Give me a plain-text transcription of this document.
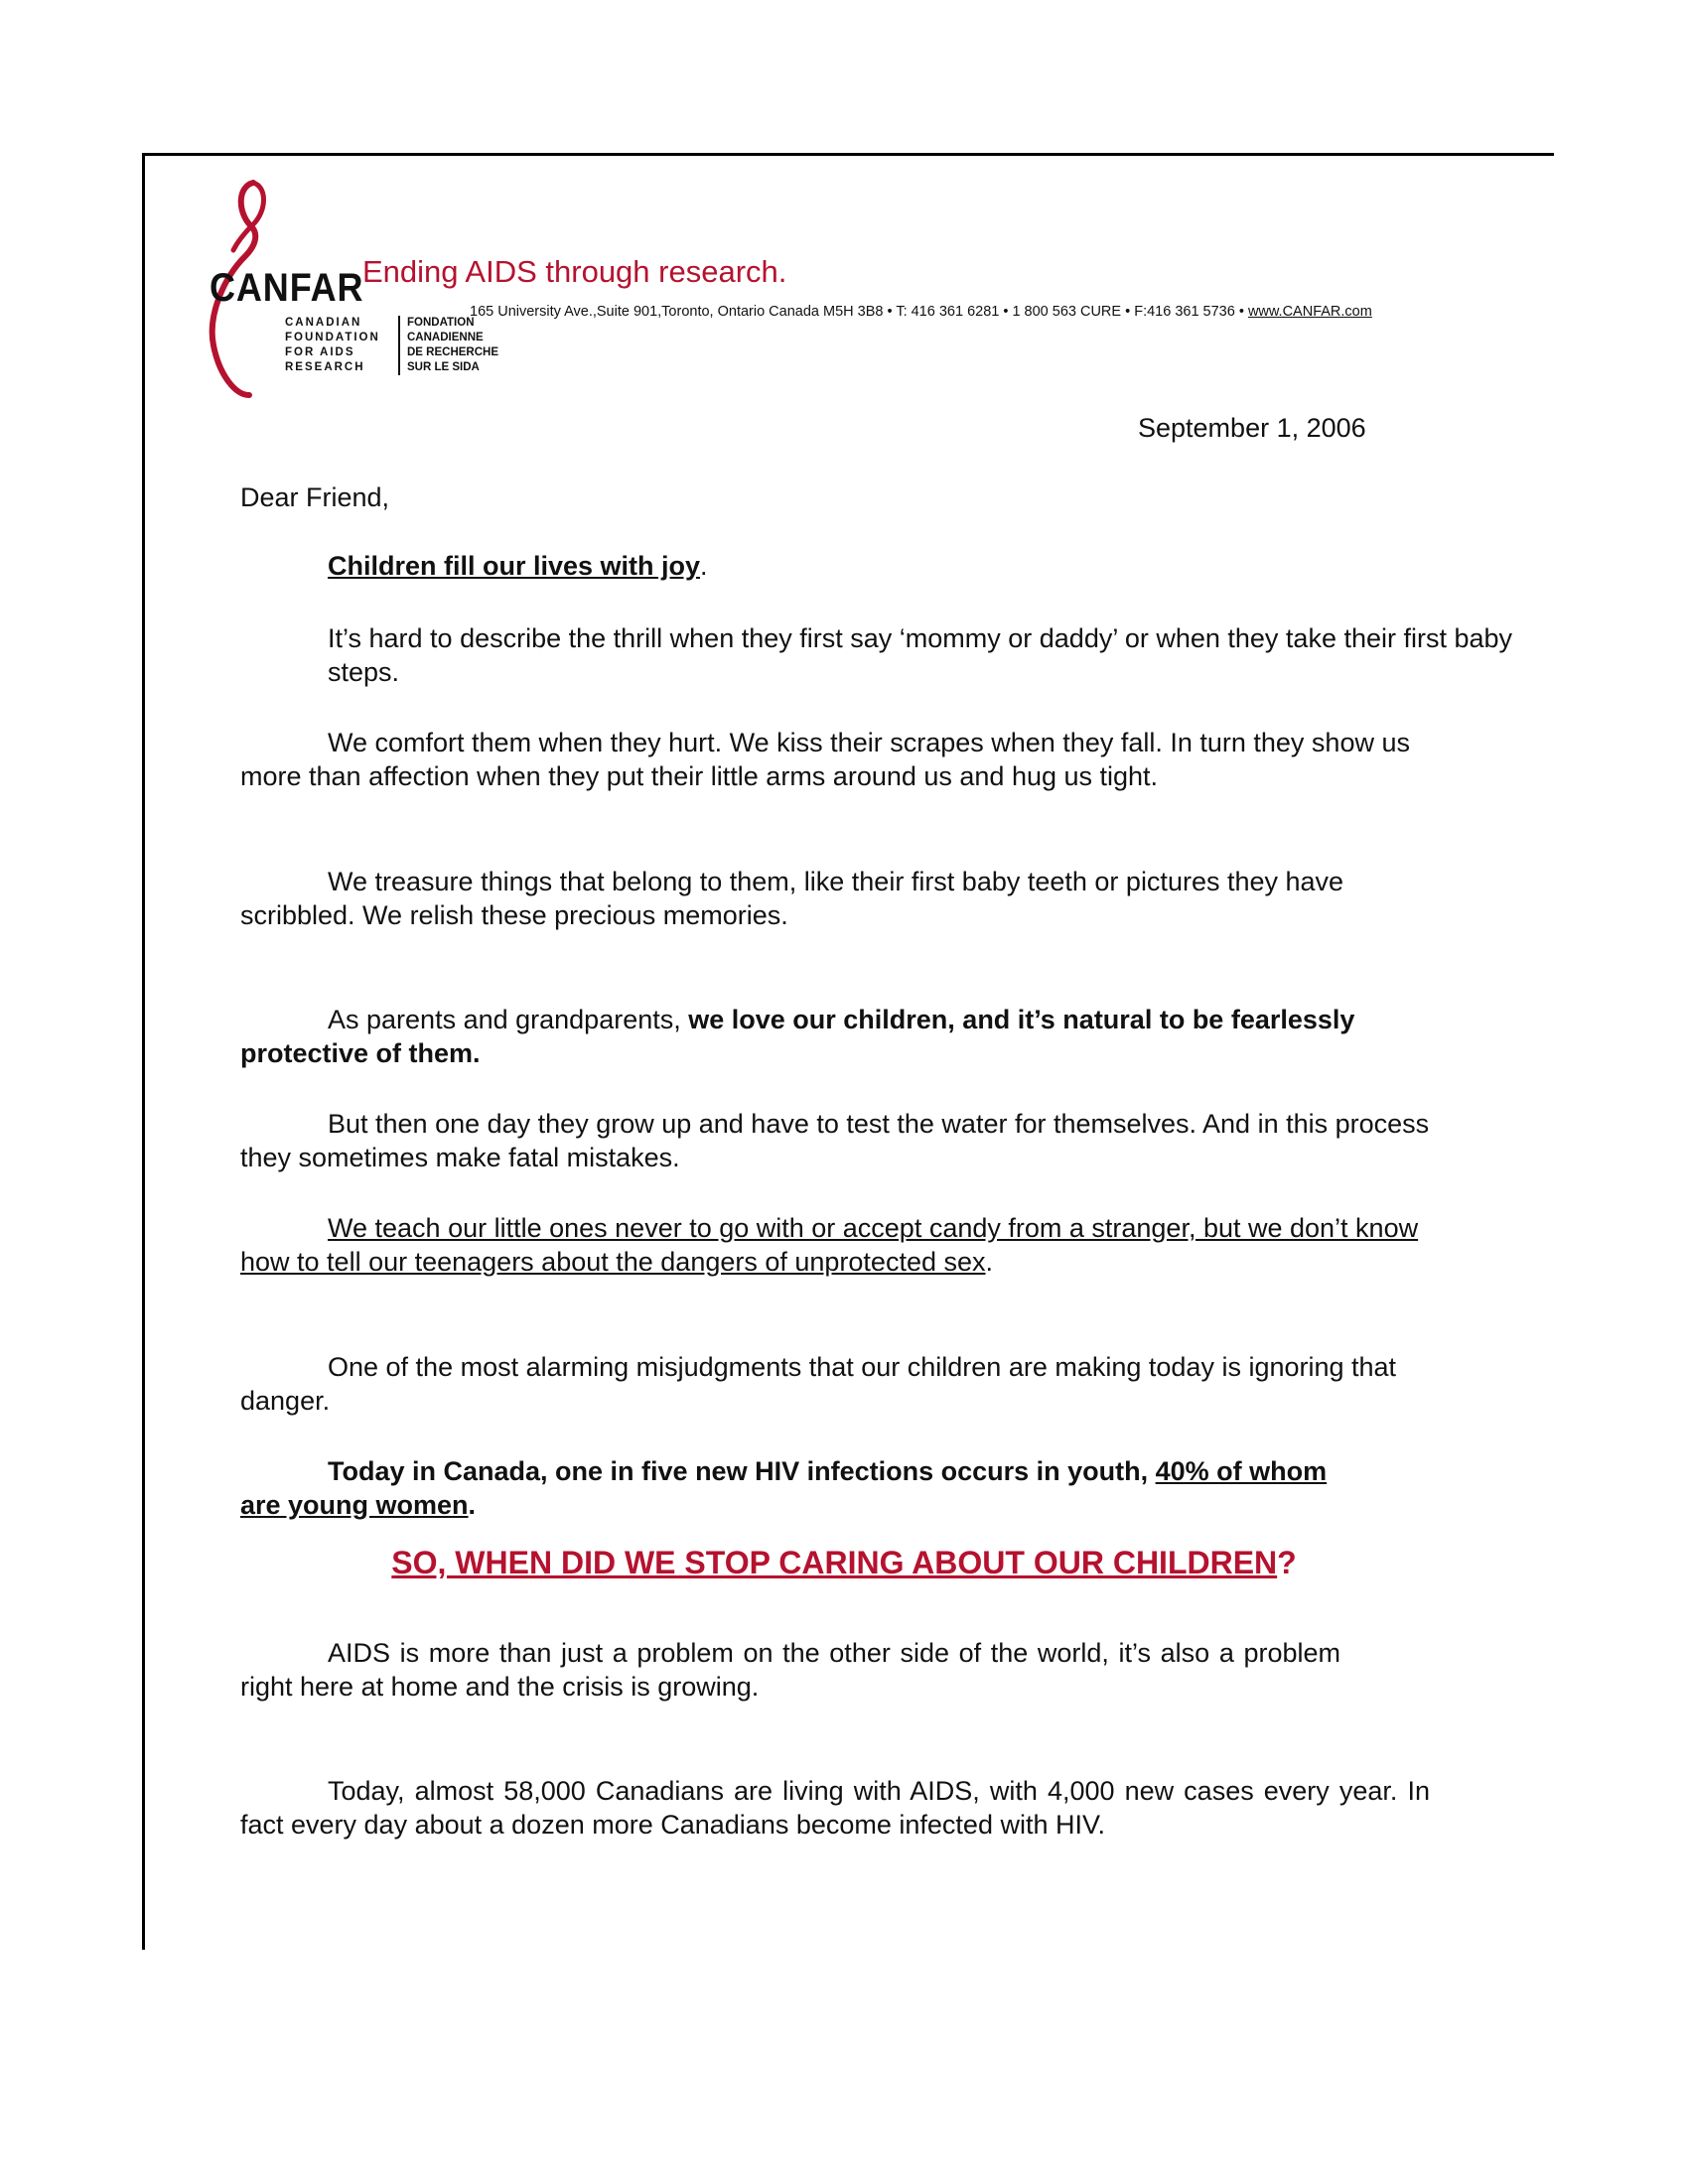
CANFAR
CANADIAN
FOUNDATION
FOR AIDS
RESEARCH
FONDATION
CANADIENNE
DE RECHERCHE
SUR LE SIDA
Ending AIDS through research.
165 University Ave.,Suite 901,Toronto, Ontario Canada M5H 3B8 • T: 416 361 6281 • 1 800 563 CURE • F:416 361 5736 • www.CANFAR.com
September 1, 2006

Dear Friend,

Children fill our lives with joy.

It’s hard to describe the thrill when they first say ‘mommy or daddy’ or when they take their first baby steps.

We comfort them when they hurt. We kiss their scrapes when they fall. In turn they show us more than affection when they put their little arms around us and hug us tight.

We treasure things that belong to them, like their first baby teeth or pictures they have scribbled. We relish these precious memories.

As parents and grandparents, we love our children, and it’s natural to be fearlessly protective of them.

But then one day they grow up and have to test the water for themselves. And in this process they sometimes make fatal mistakes.

We teach our little ones never to go with or accept candy from a stranger, but we don’t know how to tell our teenagers about the dangers of unprotected sex.

One of the most alarming misjudgments that our children are making today is ignoring that danger.

Today in Canada, one in five new HIV infections occurs in youth, 40% of whom are young women.

SO, WHEN DID WE STOP CARING ABOUT OUR CHILDREN?

AIDS is more than just a problem on the other side of the world, it’s also a problem right here at home and the crisis is growing.

Today, almost 58,000 Canadians are living with AIDS, with 4,000 new cases every year. In fact every day about a dozen more Canadians become infected with HIV.
